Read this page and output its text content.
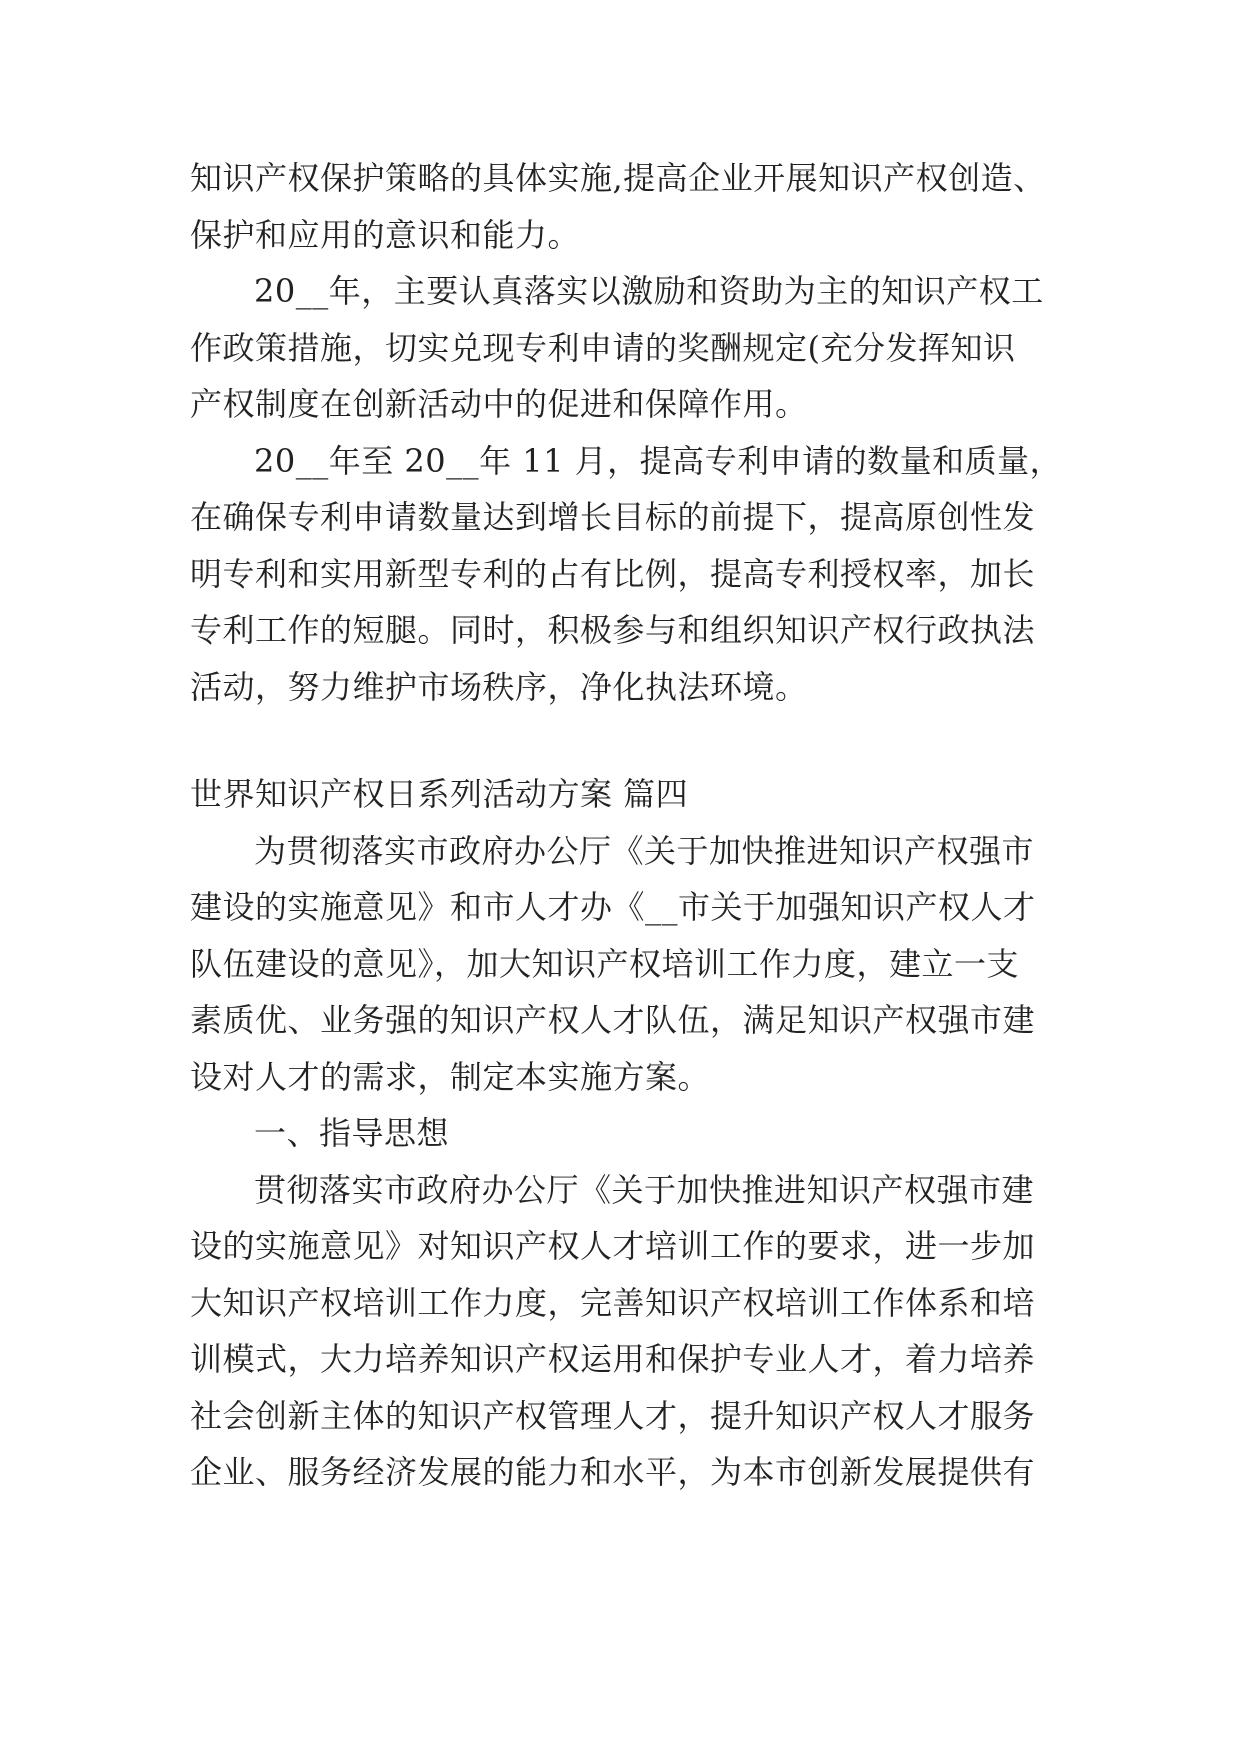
知识产权保护策略的具体实施,提高企业开展知识产权创造、
保护和应用的意识和能力。

20__年，主要认真落实以激励和资助为主的知识产权工
作政策措施，切实兑现专利申请的奖酬规定(充分发挥知识
产权制度在创新活动中的促进和保障作用。

20__年至 20__年 11 月，提高专利申请的数量和质量，
在确保专利申请数量达到增长目标的前提下，提高原创性发
明专利和实用新型专利的占有比例，提高专利授权率，加长
专利工作的短腿。同时，积极参与和组织知识产权行政执法
活动，努力维护市场秩序，净化执法环境。

世界知识产权日系列活动方案 篇四

为贯彻落实市政府办公厅《关于加快推进知识产权强市
建设的实施意见》和市人才办《__市关于加强知识产权人才
队伍建设的意见》，加大知识产权培训工作力度，建立一支
素质优、业务强的知识产权人才队伍，满足知识产权强市建
设对人才的需求，制定本实施方案。

一、指导思想

贯彻落实市政府办公厅《关于加快推进知识产权强市建
设的实施意见》对知识产权人才培训工作的要求，进一步加
大知识产权培训工作力度，完善知识产权培训工作体系和培
训模式，大力培养知识产权运用和保护专业人才，着力培养
社会创新主体的知识产权管理人才，提升知识产权人才服务
企业、服务经济发展的能力和水平，为本市创新发展提供有
